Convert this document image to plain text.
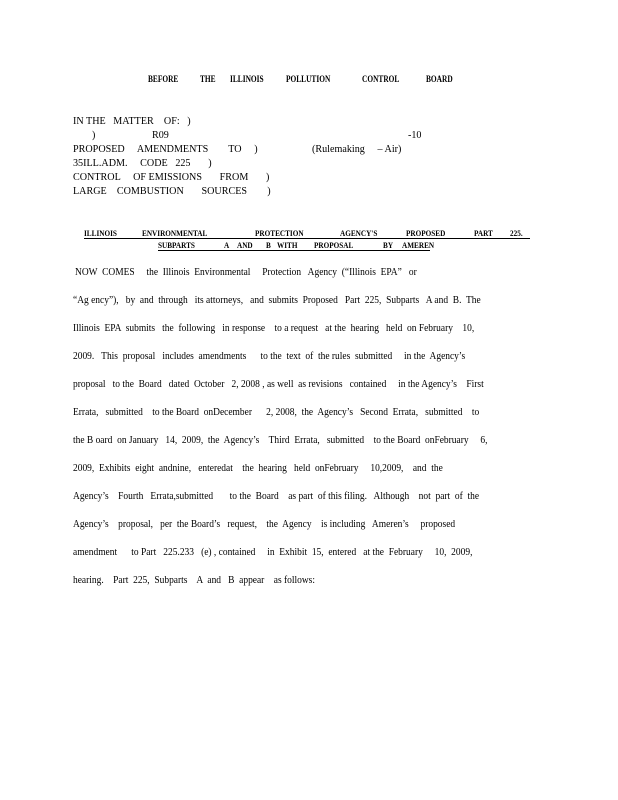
BEFORE THE ILLINOIS POLLUTION	CONTROL	BOARD
IN THE   MATTER    OF:   )
)	R09	-10
PROPOSED     AMENDMENTS        TO     )	(Rulemaking     – Air)
35ILL.ADM.     CODE   225       )
CONTROL     OF EMISSIONS       FROM       )
LARGE    COMBUSTION       SOURCES        )
ILLINOIS	ENVIRONMENTAL	PROTECTION	AGENCY'S	PROPOSED	PART 225.
SUBPARTS	A AND B WITH PROPOSAL	BY AMEREN
NOW  COMES     the  Illinois  Environmental     Protection   Agency  (“Illinois  EPA”   or
“Ag ency”),   by  and  through   its attorneys,   and  submits  Proposed   Part  225,  Subparts   A and  B.  The
Illinois  EPA  submits   the  following   in response    to a request   at the  hearing   held  on February    10,
2009.   This  proposal   includes  amendments      to the  text  of  the rules  submitted     in the  Agency’s
proposal   to the  Board   dated  October   2, 2008 , as well  as revisions   contained     in the Agency’s    First
Errata,   submitted    to the Board  onDecember      2, 2008,  the  Agency’s   Second  Errata,   submitted    to
the B oard  on January   14,  2009,  the  Agency’s    Third  Errata,   submitted    to the Board  onFebruary     6,
2009,  Exhibits  eight  andnine,   enteredat    the  hearing   held  onFebruary     10,2009,    and  the
Agency’s    Fourth   Errata,submitted       to the  Board    as part  of this filing.   Although    not  part  of  the
Agency’s    proposal,   per  the Board’s   request,    the  Agency    is including   Ameren’s     proposed
amendment      to Part   225.233   (e) , contained     in  Exhibit  15,  entered   at the  February     10,  2009,
hearing.    Part  225,  Subparts    A  and   B  appear    as follows:
